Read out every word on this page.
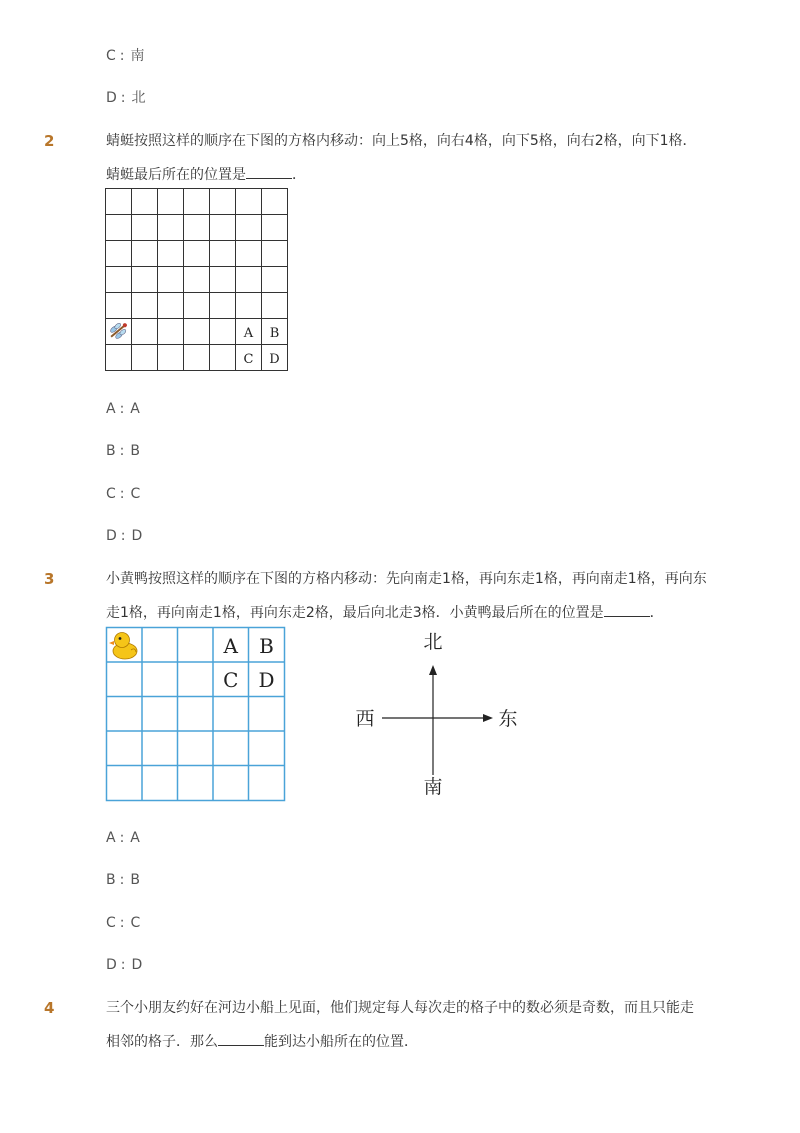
C : 南
D : 北
2	蜻蜓按照这样的顺序在下图的方格内移动：向上5格，向右4格，向下5格，向右2格，向下1格．
蜻蜓最后所在的位置是	．
A B
C D
A : A
B : B
C : C
D : D
3	小黄鸭按照这样的顺序在下图的方格内移动：先向南走1格，再向东走1格，再向南走1格，再向东
走1格，再向南走1格，再向东走2格，最后向北走3格．小黄鸭最后所在的位置是	．
A B
C D
北
南
西	东
A : A
B : B
C : C
D : D
4	三个小朋友约好在河边小船上见面，他们规定每人每次走的格子中的数必须是奇数，而且只能走
相邻的格子．那么	能到达小船所在的位置．
